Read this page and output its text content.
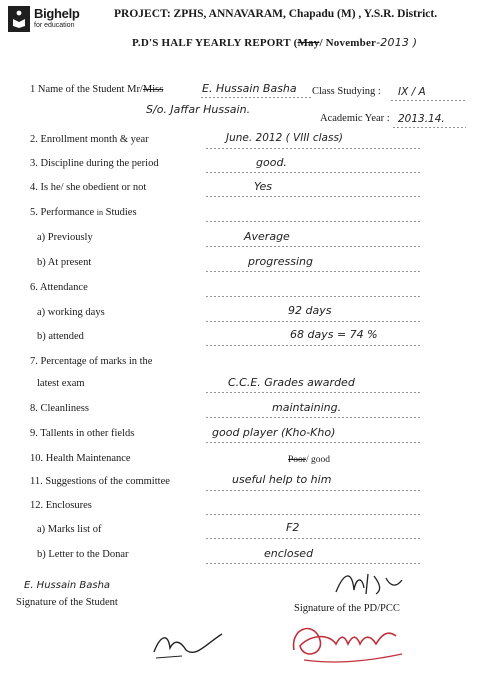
Bighelp
for education
PROJECT: ZPHS, ANNAVARAM, Chapadu (M) , Y.S.R. District.
P.D'S HALF YEARLY REPORT (May/ November-2013 )
1 Name of the Student Mr/Miss	E. Hussain Basha Class Studying : IX / A
S/o. Jaffar Hussain.
Academic Year : 2013.14.
2. Enrollment month & year	June. 2012 ( VIII class)
3. Discipline during the period	good.
4. Is he/ she obedient or not	Yes
5. Performance in Studies
a) Previously	Average
b) At present	progressing
6. Attendance
a) working days	92 days
b) attended	68 days = 74 %
7. Percentage of marks in the
latest exam	C.C.E. Grades awarded
8. Cleanliness	maintaining.
9. Tallents in other fields	good player (Kho-Kho)
10. Health Maintenance	Poor/ good
11. Suggestions of the committee	useful help to him
12. Enclosures
a) Marks list of	F2
b) Letter to the Donar	enclosed
E. Hussain Basha
Signature of the Student
Signature of the PD/PCC
